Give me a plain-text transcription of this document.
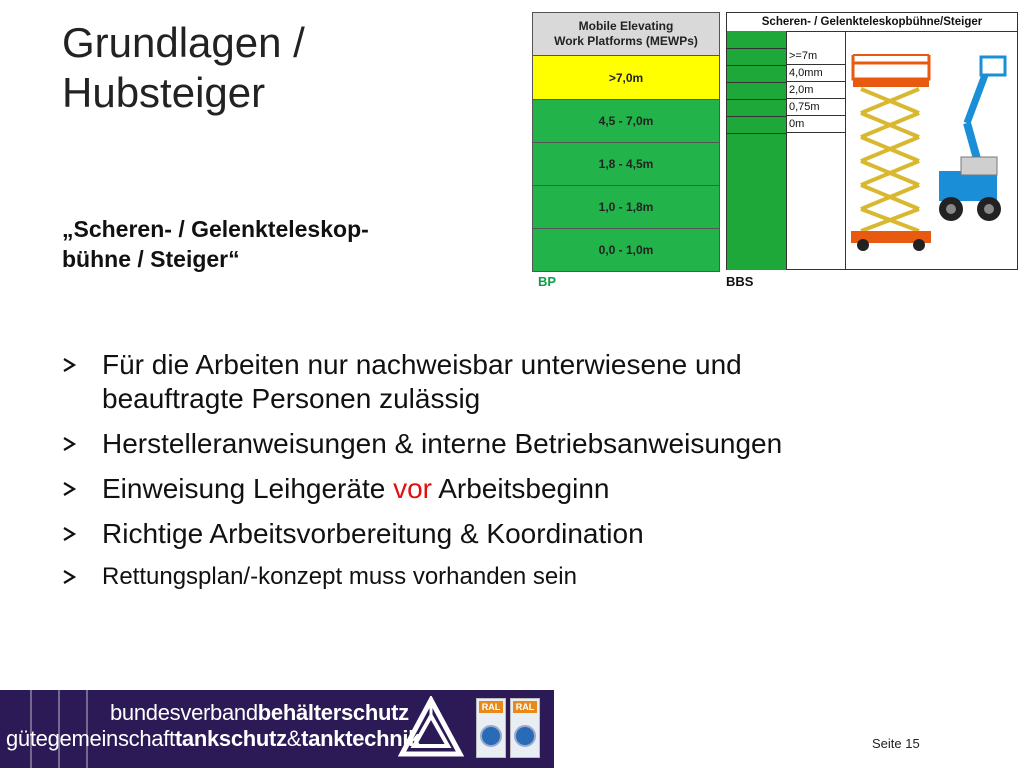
Grundlagen /
Hubsteiger
„Scheren- / Gelenkteleskop-
bühne / Steiger“
Mobile Elevating
Work Platforms (MEWPs)
>7,0m
4,5 - 7,0m
1,8 - 4,5m
1,0 - 1,8m
0,0 - 1,0m
BP
Scheren- / Gelenkteleskopbühne/Steiger
>=7m
4,0mm
2,0m
0,75m
0m
BBS
Für die Arbeiten nur nachweisbar unterwiesene und
beauftragte Personen zulässig
Herstelleranweisungen & interne Betriebsanweisungen
Einweisung Leihgeräte vor Arbeitsbeginn
Richtige Arbeitsvorbereitung & Koordination
Rettungsplan/-konzept muss vorhanden sein
bundesverbandbehälterschutz
gütegemeinschafttankschutz&tanktechnik
RAL	RAL
Seite 15
